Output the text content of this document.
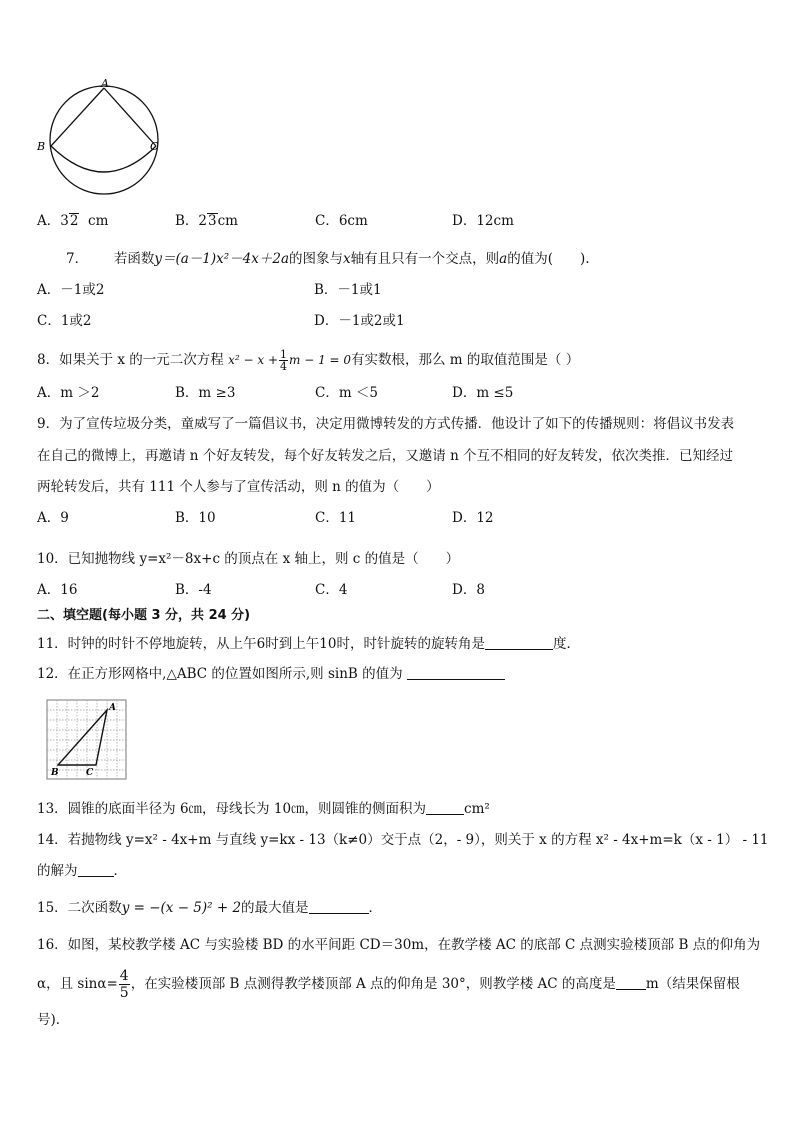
A
B	C
A．32 cm	B．23cm	C．6cm	D．12cm
7． 若函数y＝(a－1)x²－4x＋2a的图象与x轴有且只有一个交点，则a的值为(　　).
A．－1或2	B．－1或1
C．1或2	D．－1或2或1
8．如果关于 x 的一元二次方程 $x^2 - x + \frac{1}{4}$ m − 1 = 0有实数根，那么 m 的取值范围是（ ）
A．m ＞2	B．m ≥3	C．m ＜5	D．m ≤5
9．为了宣传垃圾分类，童威写了一篇倡议书，决定用微博转发的方式传播．他设计了如下的传播规则：将倡议书发表
在自己的微博上，再邀请 n 个好友转发，每个好友转发之后，又邀请 n 个互不相同的好友转发，依次类推．已知经过
两轮转发后，共有 111 个人参与了宣传活动，则 n 的值为（　　）
A．9	B．10	C．11	D．12
10．已知抛物线 y=x²－8x+c 的顶点在 x 轴上，则 c 的值是（　　）
A．16	B．-4	C．4	D．8
二、填空题(每小题 3 分，共 24 分)
11．时钟的时针不停地旋转，从上午6时到上午10时，时针旋转的旋转角是	度．
12．在正方形网格中,△ABC 的位置如图所示,则 sinB 的值为
A
B	C
13．圆锥的底面半径为 6㎝，母线长为 10㎝，则圆锥的侧面积为	cm²
14．若抛物线 y=x² - 4x+m 与直线 y=kx - 13（k≠0）交于点（2，- 9），则关于 x 的方程 x² - 4x+m=k（x - 1） - 11
的解为	．
15．二次函数y = −(x − 5)² + 2的最大值是	．
16．如图，某校教学楼 AC 与实验楼 BD 的水平间距 CD＝30m，在教学楼 AC 的底部 C 点测实验楼顶部 B 点的仰角为
α，且 $\sin\alpha= \frac{4}{5}$ ，在实验楼顶部 B 点测得教学楼顶部 A 点的仰角是 30°，则教学楼 AC 的高度是 m（结果保留根
号)．
